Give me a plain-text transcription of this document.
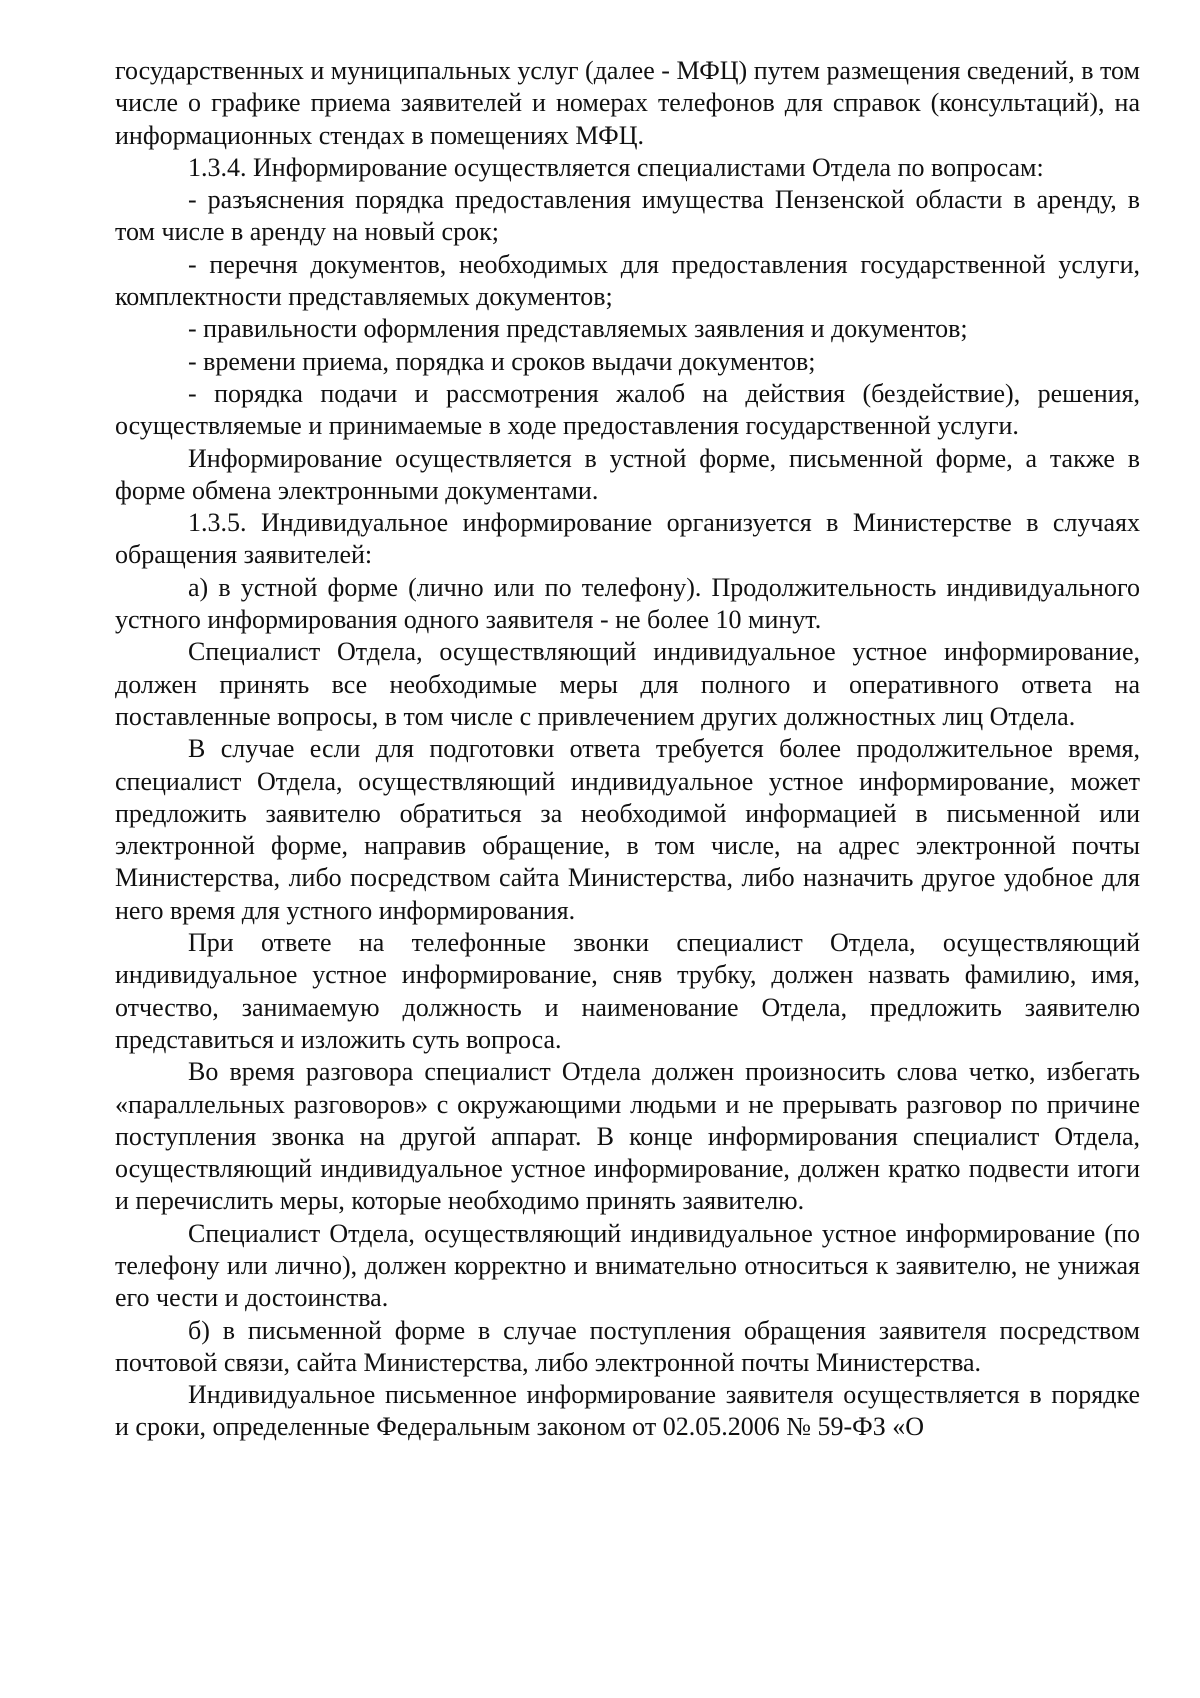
государственных и муниципальных услуг (далее - МФЦ) путем размещения сведений, в том числе о графике приема заявителей и номерах телефонов для справок (консультаций), на информационных стендах в помещениях МФЦ.

1.3.4. Информирование осуществляется специалистами Отдела по вопросам:

- разъяснения порядка предоставления имущества Пензенской области в аренду, в том числе в аренду на новый срок;

- перечня документов, необходимых для предоставления государственной услуги, комплектности представляемых документов;

- правильности оформления представляемых заявления и документов;

- времени приема, порядка и сроков выдачи документов;

- порядка подачи и рассмотрения жалоб на действия (бездействие), решения, осуществляемые и принимаемые в ходе предоставления государственной услуги.

Информирование осуществляется в устной форме, письменной форме, а также в форме обмена электронными документами.

1.3.5. Индивидуальное информирование организуется в Министерстве в случаях обращения заявителей:

а) в устной форме (лично или по телефону). Продолжительность индивидуального устного информирования одного заявителя - не более 10 минут.

Специалист Отдела, осуществляющий индивидуальное устное информирование, должен принять все необходимые меры для полного и оперативного ответа на поставленные вопросы, в том числе с привлечением других должностных лиц Отдела.

В случае если для подготовки ответа требуется более продолжительное время, специалист Отдела, осуществляющий индивидуальное устное информирование, может предложить заявителю обратиться за необходимой информацией в письменной или электронной форме, направив обращение, в том числе, на адрес электронной почты Министерства, либо посредством сайта Министерства, либо назначить другое удобное для него время для устного информирования.

При ответе на телефонные звонки специалист Отдела, осуществляющий индивидуальное устное информирование, сняв трубку, должен назвать фамилию, имя, отчество, занимаемую должность и наименование Отдела, предложить заявителю представиться и изложить суть вопроса.

Во время разговора специалист Отдела должен произносить слова четко, избегать «параллельных разговоров» с окружающими людьми и не прерывать разговор по причине поступления звонка на другой аппарат. В конце информирования специалист Отдела, осуществляющий индивидуальное устное информирование, должен кратко подвести итоги и перечислить меры, которые необходимо принять заявителю.

Специалист Отдела, осуществляющий индивидуальное устное информирование (по телефону или лично), должен корректно и внимательно относиться к заявителю, не унижая его чести и достоинства.

б) в письменной форме в случае поступления обращения заявителя посредством почтовой связи, сайта Министерства, либо электронной почты Министерства.

Индивидуальное письменное информирование заявителя осуществляется в порядке и сроки, определенные Федеральным законом от 02.05.2006 № 59-ФЗ «О
